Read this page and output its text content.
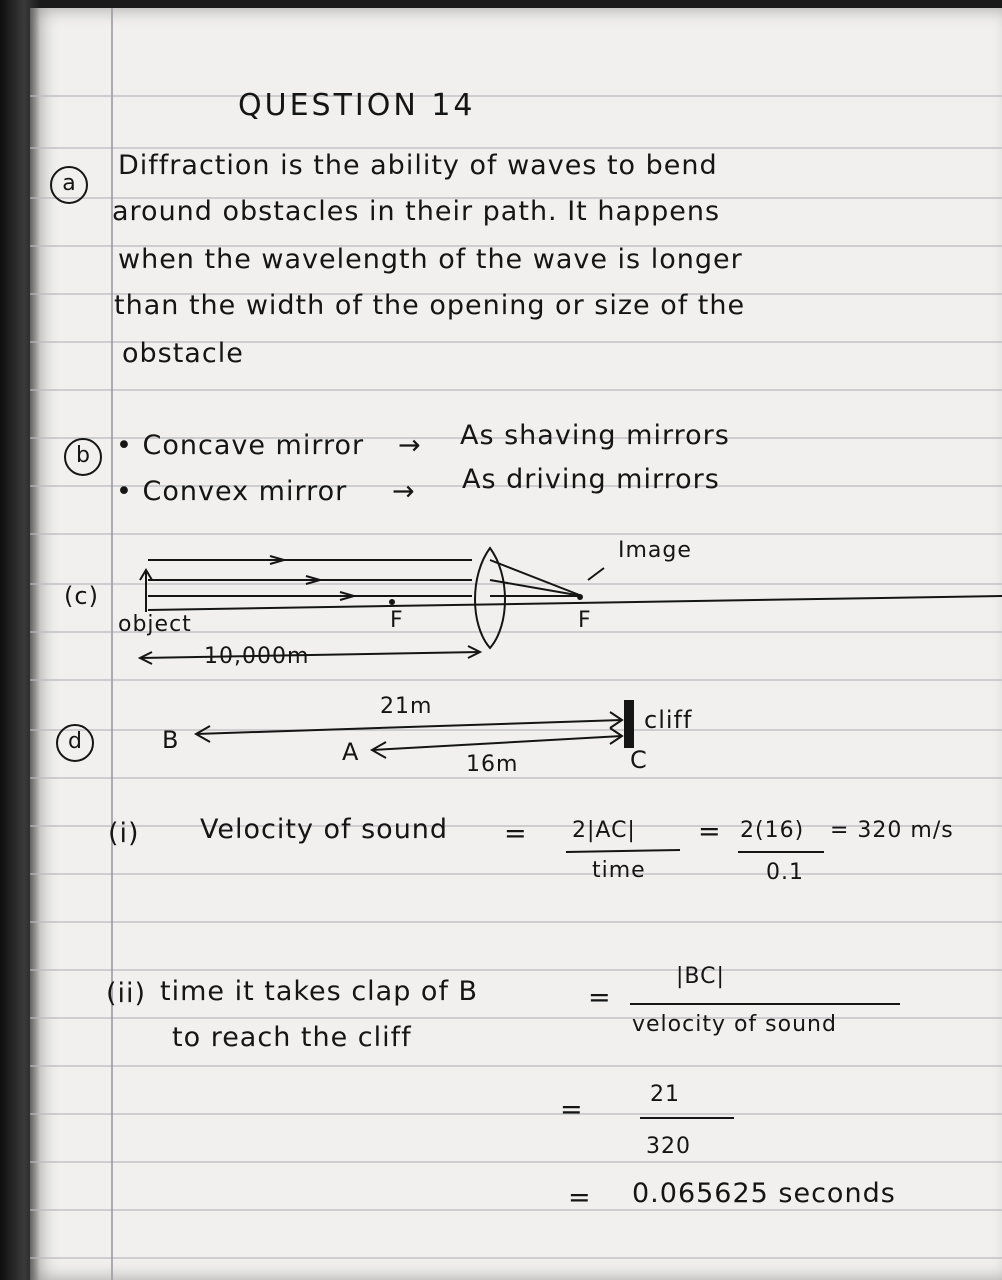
QUESTION 14
a
Diffraction is the ability of waves to bend
around obstacles in their path. It happens
when the wavelength of the wave is longer
than the width of the opening or size of the
obstacle
b • Concave mirror → As shaving mirrors
• Convex mirror → As driving mirrors
(c)
Image
object	F	F
10,000m
d	B
21m
A	16m
cliff
C
(i) Velocity of sound = 2|AC|
time
= 2(16)
0.1
= 320 m/s
(ii) time it takes clap of B
to reach the cliff
=
|BC|
velocity of sound
=	21
320
= 0.065625 seconds
